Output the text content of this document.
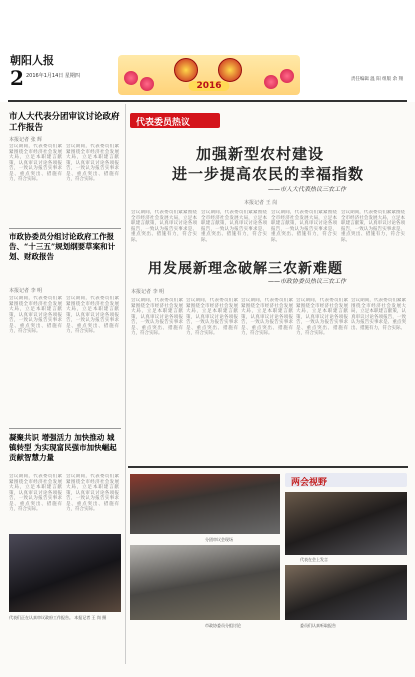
朝阳人报
2 2016年1月14日 星期四
2016
责任编辑 温 阳 组版 余 翔
市人大代表分团审议讨论政府工作报告
本报记者 张 辉
会议期间，代表委员们紧紧围绕全市经济社会发展大局，立足本职建言献策，认真审议讨论各项报告，一致认为报告实事求是、重点突出、措施有力，符合实际。
会议期间，代表委员们紧紧围绕全市经济社会发展大局，立足本职建言献策，认真审议讨论各项报告，一致认为报告实事求是、重点突出、措施有力，符合实际。
市政协委员分组讨论政府工作报告、“十三五”规划纲要草案和计划、财政报告
本报记者 李 明
会议期间，代表委员们紧紧围绕全市经济社会发展大局，立足本职建言献策，认真审议讨论各项报告，一致认为报告实事求是、重点突出、措施有力，符合实际。
会议期间，代表委员们紧紧围绕全市经济社会发展大局，立足本职建言献策，认真审议讨论各项报告，一致认为报告实事求是、重点突出、措施有力，符合实际。
凝聚共识 增强活力 加快推动 城镇转型 为实现富民强市加快崛起贡献智慧力量
会议期间，代表委员们紧紧围绕全市经济社会发展大局，立足本职建言献策，认真审议讨论各项报告，一致认为报告实事求是、重点突出、措施有力，符合实际。
会议期间，代表委员们紧紧围绕全市经济社会发展大局，立足本职建言献策，认真审议讨论各项报告，一致认为报告实事求是、重点突出、措施有力，符合实际。
代表们正在认真审议政府工作报告。 本报记者 王 岗 摄
代表委员热议
加强新型农村建设
进一步提高农民的幸福指数
——市人大代表热议三农工作
本报记者 王 岗
会议期间，代表委员们紧紧围绕全市经济社会发展大局，立足本职建言献策，认真审议讨论各项报告，一致认为报告实事求是、重点突出、措施有力，符合实际。
会议期间，代表委员们紧紧围绕全市经济社会发展大局，立足本职建言献策，认真审议讨论各项报告，一致认为报告实事求是、重点突出、措施有力，符合实际。
会议期间，代表委员们紧紧围绕全市经济社会发展大局，立足本职建言献策，认真审议讨论各项报告，一致认为报告实事求是、重点突出、措施有力，符合实际。
会议期间，代表委员们紧紧围绕全市经济社会发展大局，立足本职建言献策，认真审议讨论各项报告，一致认为报告实事求是、重点突出、措施有力，符合实际。
用发展新理念破解三农新难题
——市政协委员热议三农工作
本报记者 李 明
会议期间，代表委员们紧紧围绕全市经济社会发展大局，立足本职建言献策，认真审议讨论各项报告，一致认为报告实事求是、重点突出、措施有力，符合实际。
会议期间，代表委员们紧紧围绕全市经济社会发展大局，立足本职建言献策，认真审议讨论各项报告，一致认为报告实事求是、重点突出、措施有力，符合实际。
会议期间，代表委员们紧紧围绕全市经济社会发展大局，立足本职建言献策，认真审议讨论各项报告，一致认为报告实事求是、重点突出、措施有力，符合实际。
会议期间，代表委员们紧紧围绕全市经济社会发展大局，立足本职建言献策，认真审议讨论各项报告，一致认为报告实事求是、重点突出、措施有力，符合实际。
会议期间，代表委员们紧紧围绕全市经济社会发展大局，立足本职建言献策，认真审议讨论各项报告，一致认为报告实事求是、重点突出、措施有力，符合实际。
两会视野
分团审议会现场
市政协委员分组讨论
代表在会上发言
委员们认真听取报告
